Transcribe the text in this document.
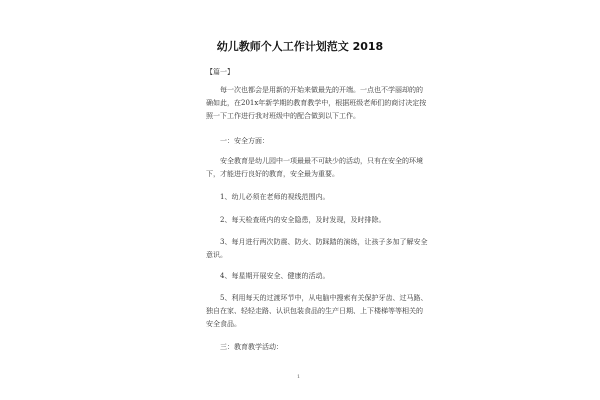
幼儿教师个人工作计划范文 2018
【篇一】

每一次也都会是用新的开始来做最先的开端。一点也不学丽却的的
确如此，在201x年新学期的教育教学中，根据班级老师们的商讨决定按
照一下工作进行我对班级中的配合做到以下工作。

一：安全方面：

安全教育是幼儿园中一项最最不可缺少的活动，只有在安全的环境
下，才能进行良好的教育，安全最为重要。

1、幼儿必须在老师的视线范围内。

2、每天检查班内的安全隐患，及时发现，及时排除。

3、每月进行两次防震、防火、防踩踏的演练，让孩子多加了解安全
意识。

4、每星期开展安全、健康的活动。

5、利用每天的过渡环节中，从电脑中搜索有关保护牙齿、过马路、
独自在家、轻轻走路、认识包装食品的生产日期、上下楼梯等等相关的
安全食品。

三：教育教学活动：

1
